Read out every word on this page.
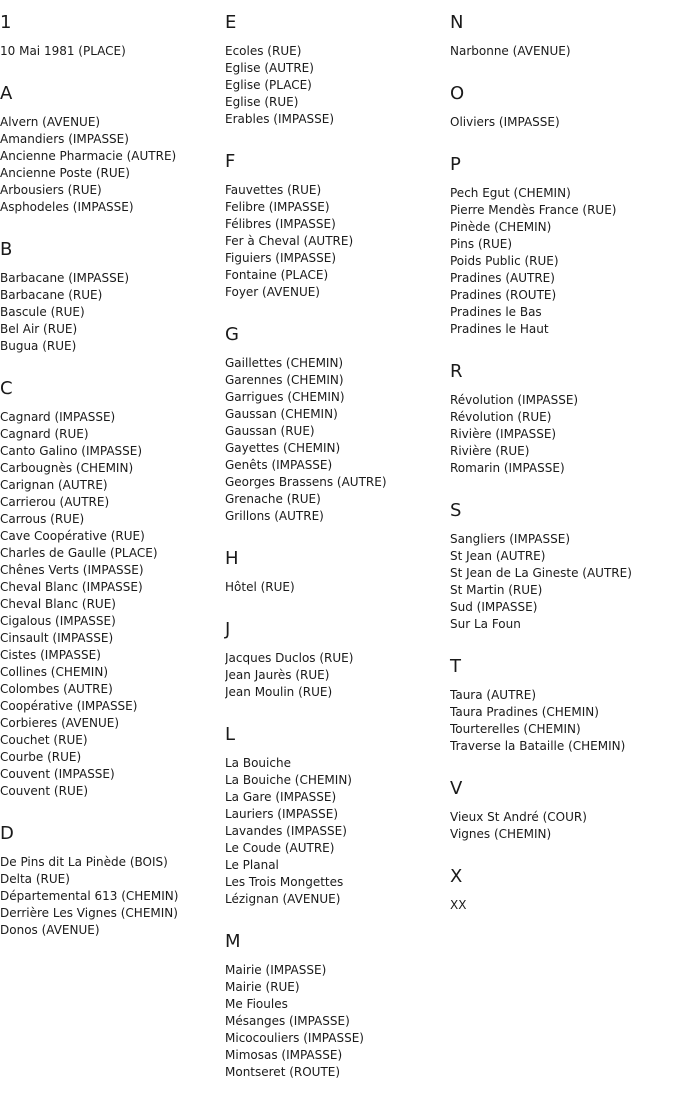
1
10 Mai 1981 (PLACE)
A
Alvern (AVENUE)
Amandiers (IMPASSE)
Ancienne Pharmacie (AUTRE)
Ancienne Poste (RUE)
Arbousiers (RUE)
Asphodeles (IMPASSE)
B
Barbacane (IMPASSE)
Barbacane (RUE)
Bascule (RUE)
Bel Air (RUE)
Bugua (RUE)
C
Cagnard (IMPASSE)
Cagnard (RUE)
Canto Galino (IMPASSE)
Carbougnès (CHEMIN)
Carignan (AUTRE)
Carrierou (AUTRE)
Carrous (RUE)
Cave Coopérative (RUE)
Charles de Gaulle (PLACE)
Chênes Verts (IMPASSE)
Cheval Blanc (IMPASSE)
Cheval Blanc (RUE)
Cigalous (IMPASSE)
Cinsault (IMPASSE)
Cistes (IMPASSE)
Collines (CHEMIN)
Colombes (AUTRE)
Coopérative (IMPASSE)
Corbieres (AVENUE)
Couchet (RUE)
Courbe (RUE)
Couvent (IMPASSE)
Couvent (RUE)
D
De Pins dit La Pinède (BOIS)
Delta (RUE)
Départemental 613 (CHEMIN)
Derrière Les Vignes (CHEMIN)
Donos (AVENUE)
E
Ecoles (RUE)
Eglise (AUTRE)
Eglise (PLACE)
Eglise (RUE)
Erables (IMPASSE)
F
Fauvettes (RUE)
Felibre (IMPASSE)
Félibres (IMPASSE)
Fer à Cheval (AUTRE)
Figuiers (IMPASSE)
Fontaine (PLACE)
Foyer (AVENUE)
G
Gaillettes (CHEMIN)
Garennes (CHEMIN)
Garrigues (CHEMIN)
Gaussan (CHEMIN)
Gaussan (RUE)
Gayettes (CHEMIN)
Genêts (IMPASSE)
Georges Brassens (AUTRE)
Grenache (RUE)
Grillons (AUTRE)
H
Hôtel (RUE)
J
Jacques Duclos (RUE)
Jean Jaurès (RUE)
Jean Moulin (RUE)
L
La Bouiche
La Bouiche (CHEMIN)
La Gare (IMPASSE)
Lauriers (IMPASSE)
Lavandes (IMPASSE)
Le Coude (AUTRE)
Le Planal
Les Trois Mongettes
Lézignan (AVENUE)
M
Mairie (IMPASSE)
Mairie (RUE)
Me Fioules
Mésanges (IMPASSE)
Micocouliers (IMPASSE)
Mimosas (IMPASSE)
Montseret (ROUTE)
N
Narbonne (AVENUE)
O
Oliviers (IMPASSE)
P
Pech Egut (CHEMIN)
Pierre Mendès France (RUE)
Pinède (CHEMIN)
Pins (RUE)
Poids Public (RUE)
Pradines (AUTRE)
Pradines (ROUTE)
Pradines le Bas
Pradines le Haut
R
Révolution (IMPASSE)
Révolution (RUE)
Rivière (IMPASSE)
Rivière (RUE)
Romarin (IMPASSE)
S
Sangliers (IMPASSE)
St Jean (AUTRE)
St Jean de La Gineste (AUTRE)
St Martin (RUE)
Sud (IMPASSE)
Sur La Foun
T
Taura (AUTRE)
Taura Pradines (CHEMIN)
Tourterelles (CHEMIN)
Traverse la Bataille (CHEMIN)
V
Vieux St André (COUR)
Vignes (CHEMIN)
X
XX
